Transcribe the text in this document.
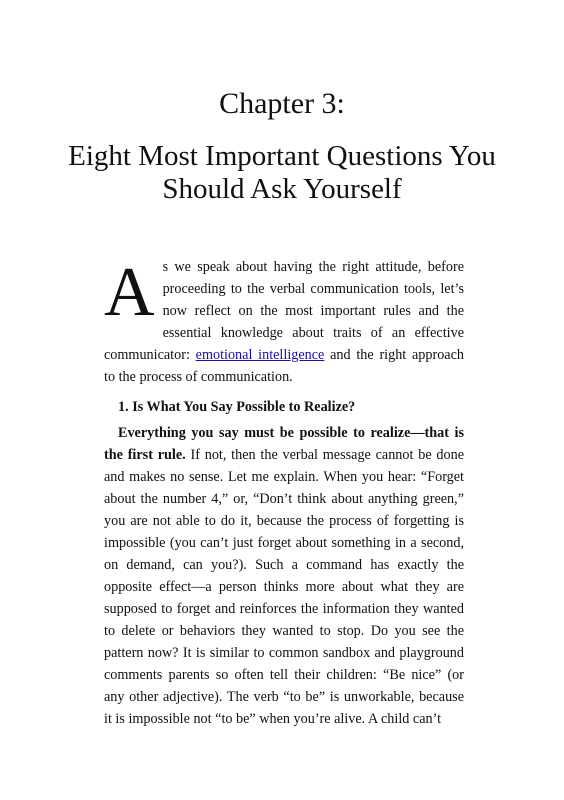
Chapter 3:
Eight Most Important Questions You Should Ask Yourself

As we speak about having the right attitude, before proceeding to the verbal communication tools, let’s now reflect on the most important rules and the essential knowledge about traits of an effective communicator: emotional intelligence and the right approach to the process of communication.

1. Is What You Say Possible to Realize?

Everything you say must be possible to realize—that is the first rule. If not, then the verbal message cannot be done and makes no sense. Let me explain. When you hear: “Forget about the number 4,” or, “Don’t think about anything green,” you are not able to do it, because the process of forgetting is impossible (you can’t just forget about something in a second, on demand, can you?). Such a command has exactly the opposite effect—a person thinks more about what they are supposed to forget and reinforces the information they wanted to delete or behaviors they wanted to stop. Do you see the pattern now? It is similar to common sandbox and playground comments parents so often tell their children: “Be nice” (or any other adjective). The verb “to be” is unworkable, because it is impossible not “to be” when you’re alive. A child can’t
